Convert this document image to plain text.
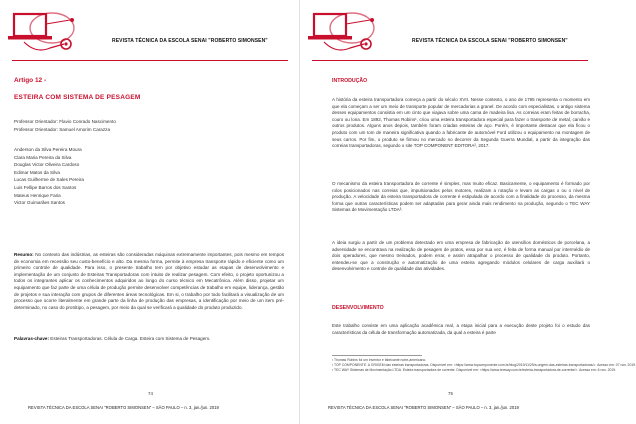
REVISTA TÉCNICA DA ESCOLA SENAI "ROBERTO SIMONSEN"
Artigo 12 -
ESTEIRA COM SISTEMA DE PESAGEM
Professor Orientador: Flavio Conrado Nascimento
Professor Orientador: Samuel Amorim Carazza
Anderson da Silva Pereira Moura
Clara Maria Pereira da Silva
Douglas Victor Oliveira Cardoso
Edimar Matos da Silva
Lucas Guilherme de Sales Pereira
Luis Fellipe Barros dos Santos
Mateus Henrique Faria
Victor Guimarães Santos

Resumo: No contexto das indústrias, as esteiras são consideradas máquinas extremamente importantes, pois mesmo em tempos de economia em recessão seu custo-benefício e alto. Da mesma forma, permite à empresa transporte rápido e eficiente como um primeiro controle de qualidade. Para isso, o presente trabalho tem por objetivo estudar as etapas de desenvolvimento e implementação de um conjunto de Esteiras Transportadoras com intuito de realizar pesagem. Com efeito, o projeto oportunizou a todos os integrantes aplicar os conhecimentos adquiridos ao longo do curso técnico em Mecatrônica. Além disso, projetar um equipamento que faz parte de uma célula de produção permite desenvolver competências de trabalho em equipe, liderança, gestão de projetos e sua interação com grupos de diferentes áreas tecnológicas. Em si, o trabalho por todo facilitará a visualização de um processo que ocorre literalmente em grande parte da linha de produção das empresas, a identificação por meio de um item pré-determinado, no caso do protótipo, a pesagem, por meio da qual se verificará a qualidade do produto produzido.

Palavras-chave: Esteiras Transportadoras. Célula de Carga. Esteira com Sistema de Pesagem.

74
REVISTA TÉCNICA DA ESCOLA SENAI "ROBERTO SIMONSEN" – SÃO PAULO – n. 3, jan./jun. 2019
REVISTA TÉCNICA DA ESCOLA SENAI "ROBERTO SIMONSEN"
INTRODUÇÃO

A história da esteira transportadora começa a partir do século XVII. Nesse contexto, o ano de 1795 representa o momento em que ela começam a ser um meio de transporte popular de mercadorias a granel. De acordo com especialistas, o antigo sistema desses equipamentos consistia em um cinto que viajava sobre uma cama de madeira lisa. As correias eram feitas de borracha, couro ou lona. Em 1892, Thomas Robins¹, criou uma esteira transportadora especial para fazer o transporte de metal, carvão e outros produtos. Alguns anos depois, também foram criadas esteiras de aço. Porém, é importante destacar que ela ficou o produto com um tom de maneira significativa quando a fabricante de automóvel Ford utilizou o equipamento na montagem de seus carros. Por fim, o produto se firmou no mercado no decorrer da Segunda Guerra Mundial, a partir da integração das correias transportadoras, segundo o site TOP COMPONENT EDITORA², 2017.

O mecanismo da esteira transportadora de corrente é simples, mas muito eficaz. Basicamente, o equipamento é formado por rolos posicionados nas correias que, impulsionados pelos motores, realizam a rotação e levam as cargas o ou o nível de produção. A velocidade da esteira transportadora de corrente é estipulada de acordo com a finalidade do processo, da mesma forma que outras características podem ser adaptadas para gerar ainda mais rendimento na produção, segundo o TEC WAY Sistemas de Movimentação LTDA³.

A ideia surgiu a partir de um problema detectado em uma empresa de fabricação de utensílios domésticos de porcelana, a adversidade se encontrava na realização de pesagem de pratos, essa por sua vez, é feita de forma manual por intermédio de dois operadores, que mesmo treinados, podem errar, e assim atrapalhar o processo de qualidade do produto. Portanto, entendeu-se que a construção e automatização de uma esteira agregando módulos celulares de carga auxiliará o desenvolvimento e controle de qualidade das atividades.

DESENVOLVIMENTO

Este trabalho consiste em uma aplicação acadêmica real, a etapa inicial para a execução deste projeto foi o estudo das características da célula de transformação automatizada, da qual a esteira é parte

¹ Thomas Robins foi um inventor e fabricante norte-americano.
² TOP COMPONENTE. A ORIGEM das esteiras transportadoras. Disponível em: <https://www.topcomponente.com.br/blog/2019/11/29/a-origem-das-esteiras-transportadoras/>. Acesso em: 07 nov. 2019.
³ TEC WAY Sistemas de Movimentação LTDA. Esteira transportadora de corrente. Disponível em: <https://www.tecway.com.br/esteira-transportadora-de-corrente/>. Acesso em: 6 nov. 2019.
75
REVISTA TÉCNICA DA ESCOLA SENAI "ROBERTO SIMONSEN" – SÃO PAULO – n. 3, jan./jun. 2019
